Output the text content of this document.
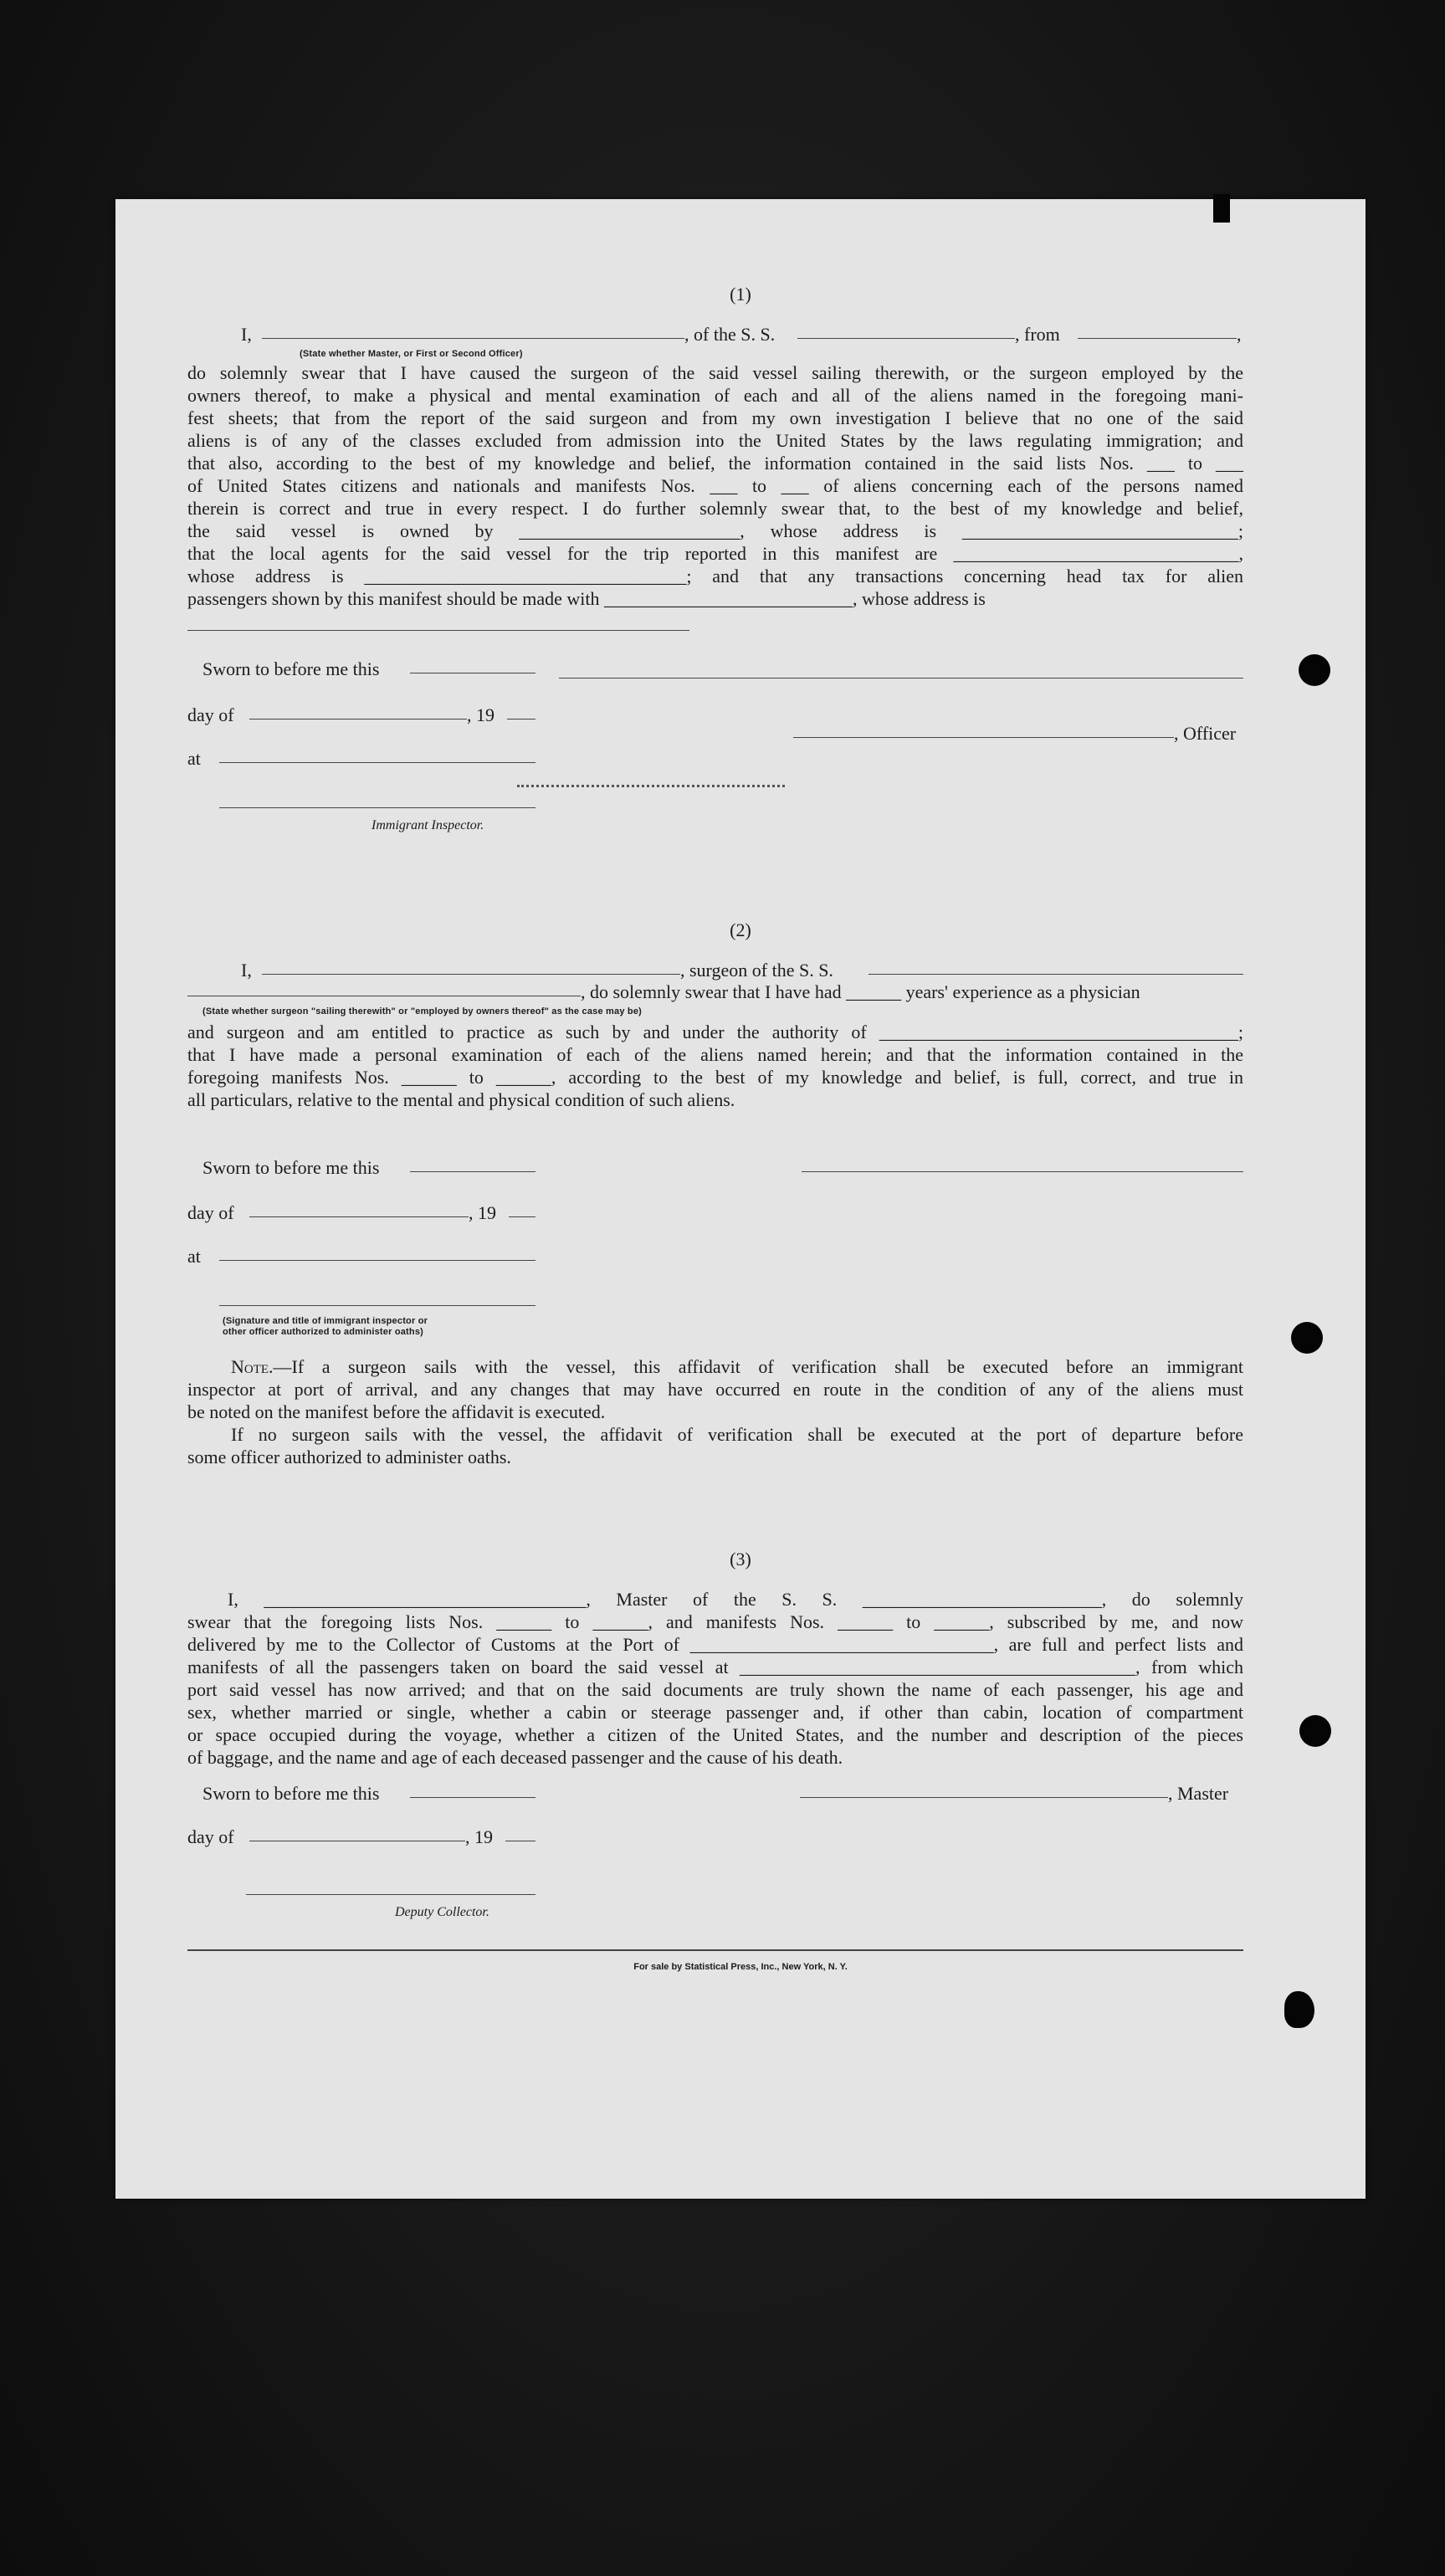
(1)
I,	, of the S. S.	, from	,
(State whether Master, or First or Second Officer)
do solemnly swear that I have caused the surgeon of the said vessel sailing therewith, or the surgeon employed by the
owners thereof, to make a physical and mental examination of each and all of the aliens named in the foregoing mani-
fest sheets; that from the report of the said surgeon and from my own investigation I believe that no one of the said
aliens is of any of the classes excluded from admission into the United States by the laws regulating immigration; and
that also, according to the best of my knowledge and belief, the information contained in the said lists Nos. ___ to ___
of United States citizens and nationals and manifests Nos. ___ to ___ of aliens concerning each of the persons named
therein is correct and true in every respect. I do further solemnly swear that, to the best of my knowledge and belief,
the said vessel is owned by ________________________, whose address is ______________________________;
that the local agents for the said vessel for the trip reported in this manifest are _______________________________,
whose address is ___________________________________; and that any transactions concerning head tax for alien
passengers shown by this manifest should be made with ___________________________, whose address is
Sworn to before me this
day of	, 19
, Officer
at
Immigrant Inspector.
(2)
I,	, surgeon of the S. S.
, do solemnly swear that I have had ______ years' experience as a physician
(State whether surgeon "sailing therewith" or "employed by owners thereof" as the case may be)
and surgeon and am entitled to practice as such by and under the authority of _______________________________________;
that I have made a personal examination of each of the aliens named herein; and that the information contained in the
foregoing manifests Nos. ______ to ______, according to the best of my knowledge and belief, is full, correct, and true in
all particulars, relative to the mental and physical condition of such aliens.
Sworn to before me this
day of	, 19
at
(Signature and title of immigrant inspector or
other officer authorized to administer oaths)
Note.—If a surgeon sails with the vessel, this affidavit of verification shall be executed before an immigrant
inspector at port of arrival, and any changes that may have occurred en route in the condition of any of the aliens must
be noted on the manifest before the affidavit is executed.
If no surgeon sails with the vessel, the affidavit of verification shall be executed at the port of departure before
some officer authorized to administer oaths.
(3)
I, ___________________________________, Master of the S. S. __________________________, do solemnly
swear that the foregoing lists Nos. ______ to ______, and manifests Nos. ______ to ______, subscribed by me, and now
delivered by me to the Collector of Customs at the Port of _________________________________, are full and perfect lists and
manifests of all the passengers taken on board the said vessel at ___________________________________________, from which
port said vessel has now arrived; and that on the said documents are truly shown the name of each passenger, his age and
sex, whether married or single, whether a cabin or steerage passenger and, if other than cabin, location of compartment
or space occupied during the voyage, whether a citizen of the United States, and the number and description of the pieces
of baggage, and the name and age of each deceased passenger and the cause of his death.
Sworn to before me this	, Master
day of	, 19
Deputy Collector.
For sale by Statistical Press, Inc., New York, N. Y.
